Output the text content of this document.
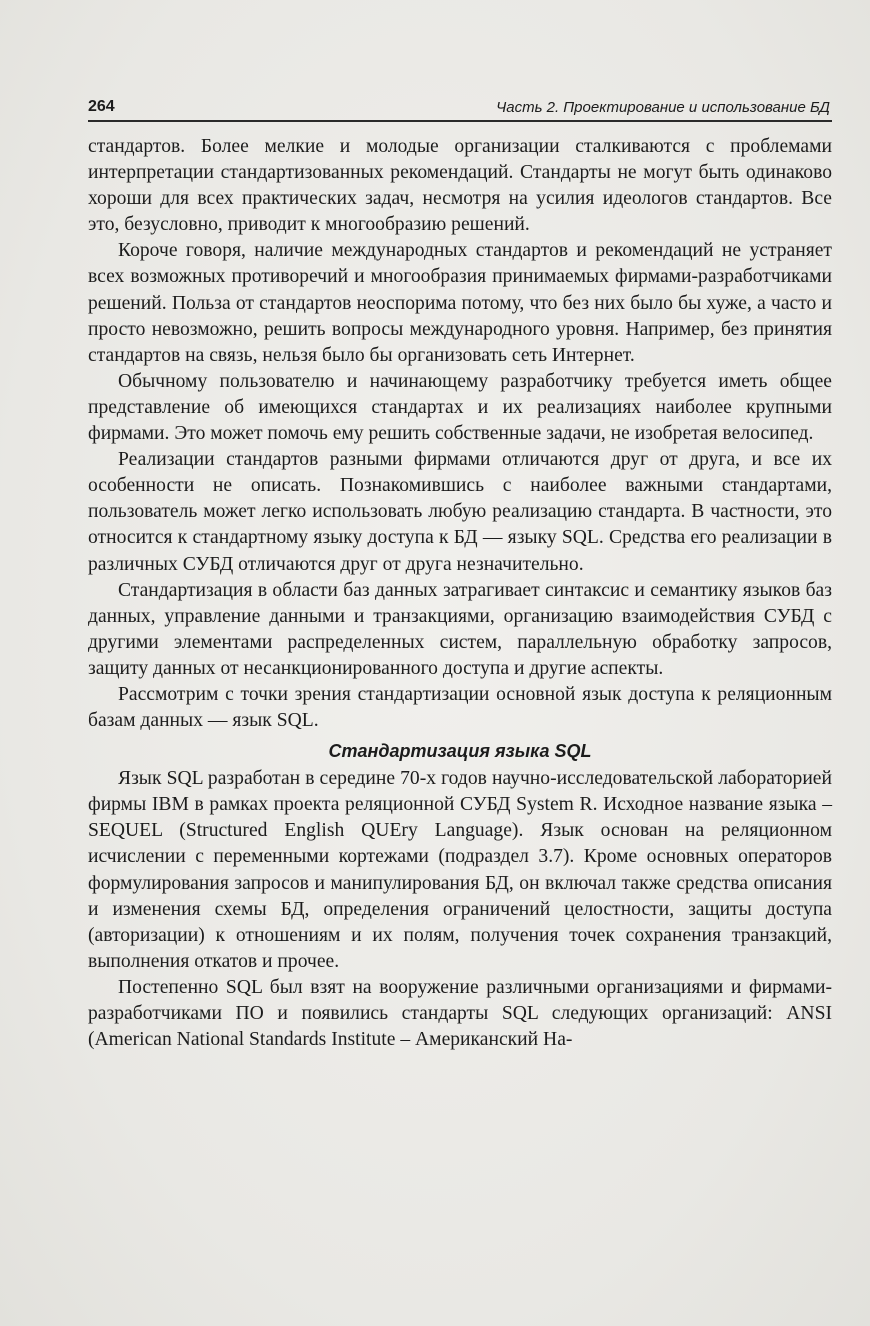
264	Часть 2. Проектирование и использование БД

стандартов. Более мелкие и молодые организации сталкиваются с проблемами интерпретации стандартизованных рекомендаций. Стандарты не могут быть одинаково хороши для всех практических задач, несмотря на усилия идеологов стандартов. Все это, безусловно, приводит к многообразию решений.

Короче говоря, наличие международных стандартов и рекомендаций не устраняет всех возможных противоречий и многообразия принимаемых фирмами-разработчиками решений. Польза от стандартов неоспорима потому, что без них было бы хуже, а часто и просто невозможно, решить вопросы международного уровня. Например, без принятия стандартов на связь, нельзя было бы организовать сеть Интернет.

Обычному пользователю и начинающему разработчику требуется иметь общее представление об имеющихся стандартах и их реализациях наиболее крупными фирмами. Это может помочь ему решить собственные задачи, не изобретая велосипед.

Реализации стандартов разными фирмами отличаются друг от друга, и все их особенности не описать. Познакомившись с наиболее важными стандартами, пользователь может легко использовать любую реализацию стандарта. В частности, это относится к стандартному языку доступа к БД — языку SQL. Средства его реализации в различных СУБД отличаются друг от друга незначительно.

Стандартизация в области баз данных затрагивает синтаксис и семантику языков баз данных, управление данными и транзакциями, организацию взаимодействия СУБД с другими элементами распределенных систем, параллельную обработку запросов, защиту данных от несанкционированного доступа и другие аспекты.

Рассмотрим с точки зрения стандартизации основной язык доступа к реляционным базам данных — язык SQL.

Стандартизация языка SQL

Язык SQL разработан в середине 70-х годов научно-исследовательской лабораторией фирмы IBM в рамках проекта реляционной СУБД System R. Исходное название языка – SEQUEL (Structured English QUEry Language). Язык основан на реляционном исчислении с переменными кортежами (подраздел 3.7). Кроме основных операторов формулирования запросов и манипулирования БД, он включал также средства описания и изменения схемы БД, определения ограничений целостности, защиты доступа (авторизации) к отношениям и их полям, получения точек сохранения транзакций, выполнения откатов и прочее.

Постепенно SQL был взят на вооружение различными организациями и фирмами-разработчиками ПО и появились стандарты SQL следующих организаций: ANSI (American National Standards Institute – Американский На-
